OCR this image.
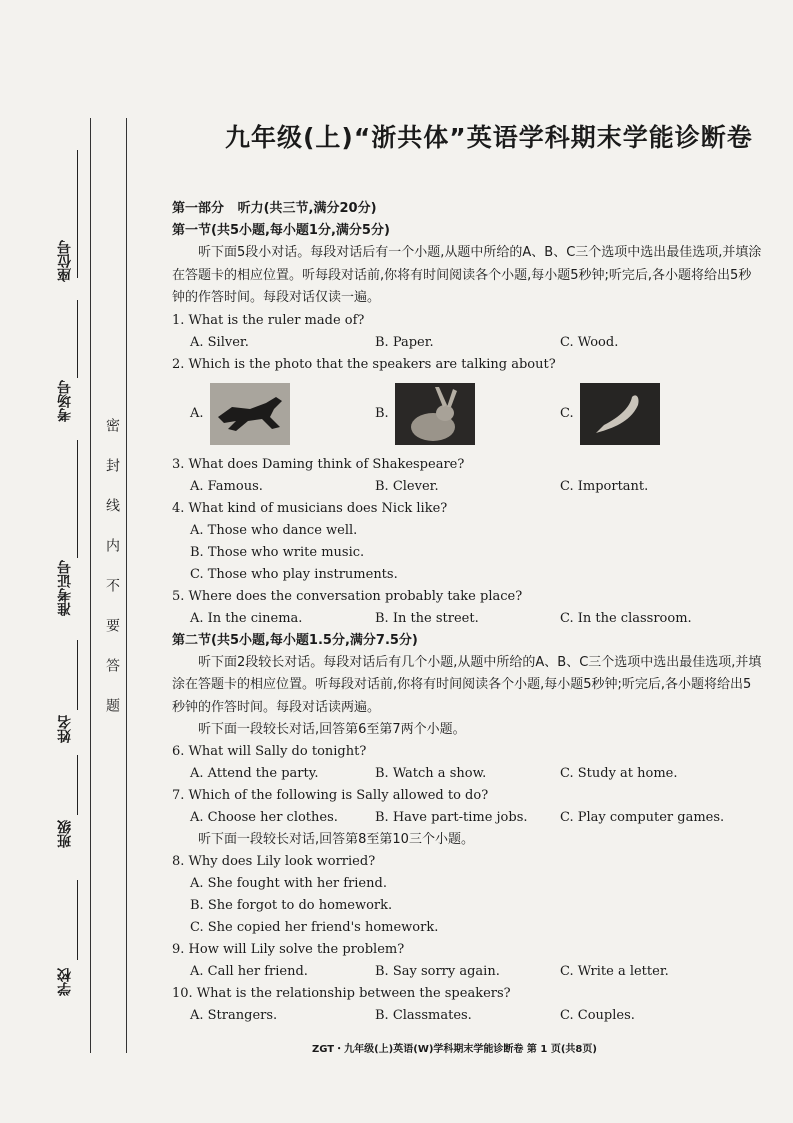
座位号
考场号
准考证号
姓名
班级
学校
密封线内不要答题
九年级(上)“浙共体”英语学科期末学能诊断卷
第一部分 听力(共三节,满分20分)
第一节(共5小题,每小题1分,满分5分)
听下面5段小对话。每段对话后有一个小题,从题中所给的A、B、C三个选项中选出最佳选项,并填涂在答题卡的相应位置。听每段对话前,你将有时间阅读各个小题,每小题5秒钟;听完后,各小题将给出5秒钟的作答时间。每段对话仅读一遍。
1. What is the ruler made of?
A. Silver.	B. Paper.	C. Wood.
2. Which is the photo that the speakers are talking about?
A.	B.	C.
3. What does Daming think of Shakespeare?
A. Famous.	B. Clever.	C. Important.
4. What kind of musicians does Nick like?
A. Those who dance well.
B. Those who write music.
C. Those who play instruments.
5. Where does the conversation probably take place?
A. In the cinema.	B. In the street.	C. In the classroom.
第二节(共5小题,每小题1.5分,满分7.5分)
听下面2段较长对话。每段对话后有几个小题,从题中所给的A、B、C三个选项中选出最佳选项,并填涂在答题卡的相应位置。听每段对话前,你将有时间阅读各个小题,每小题5秒钟;听完后,各小题将给出5秒钟的作答时间。每段对话读两遍。
听下面一段较长对话,回答第6至第7两个小题。
6. What will Sally do tonight?
A. Attend the party.	B. Watch a show.	C. Study at home.
7. Which of the following is Sally allowed to do?
A. Choose her clothes.	B. Have part-time jobs.	C. Play computer games.
听下面一段较长对话,回答第8至第10三个小题。
8. Why does Lily look worried?
A. She fought with her friend.
B. She forgot to do homework.
C. She copied her friend's homework.
9. How will Lily solve the problem?
A. Call her friend.	B. Say sorry again.	C. Write a letter.
10. What is the relationship between the speakers?
A. Strangers.	B. Classmates.	C. Couples.
ZGT・九年级(上)英语(W)学科期末学能诊断卷 第 1 页(共8页)
